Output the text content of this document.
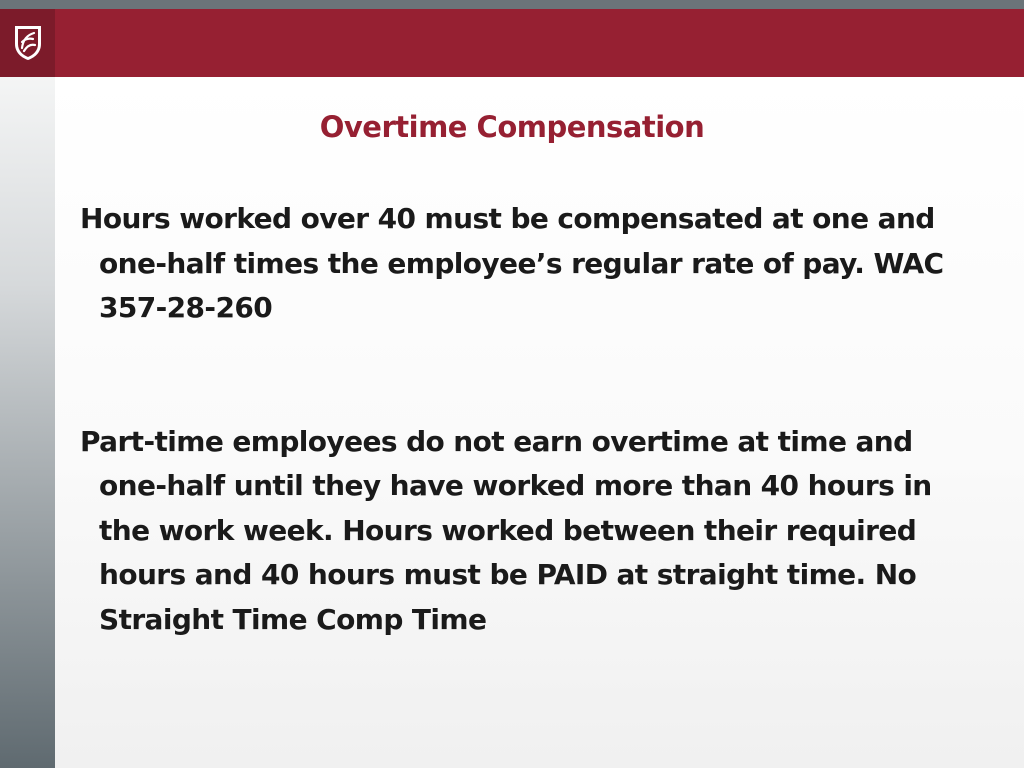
Overtime Compensation

Hours worked over 40 must be compensated at one and one-half times the employee’s regular rate of pay. WAC 357-28-260

Part-time employees do not earn overtime at time and one-half until they have worked more than 40 hours in the work week. Hours worked between their required hours and 40 hours must be PAID at straight time. No Straight Time Comp Time
